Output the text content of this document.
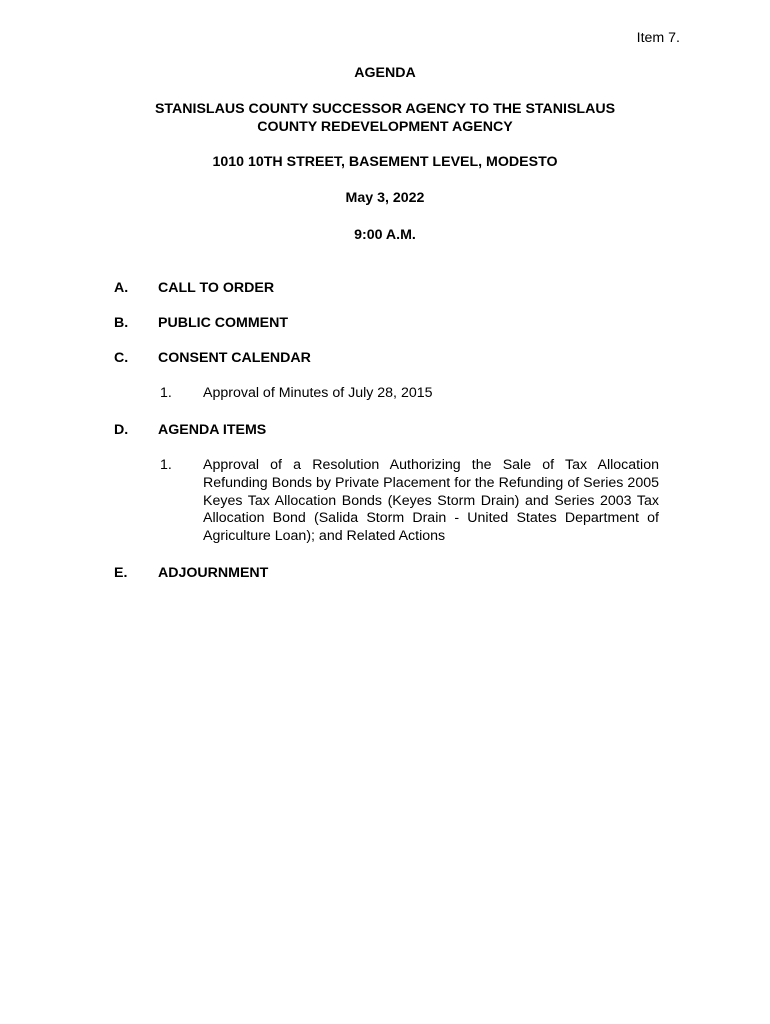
Item 7.
AGENDA
STANISLAUS COUNTY SUCCESSOR AGENCY TO THE STANISLAUS
COUNTY REDEVELOPMENT AGENCY
1010 10TH STREET, BASEMENT LEVEL, MODESTO
May 3, 2022
9:00 A.M.
A. CALL TO ORDER
B. PUBLIC COMMENT
C. CONSENT CALENDAR
1. Approval of Minutes of July 28, 2015
D. AGENDA ITEMS
1. Approval of a Resolution Authorizing the Sale of Tax Allocation Refunding Bonds by Private Placement for the Refunding of Series 2005 Keyes Tax Allocation Bonds (Keyes Storm Drain) and Series 2003 Tax Allocation Bond (Salida Storm Drain - United States Department of Agriculture Loan); and Related Actions
E. ADJOURNMENT
